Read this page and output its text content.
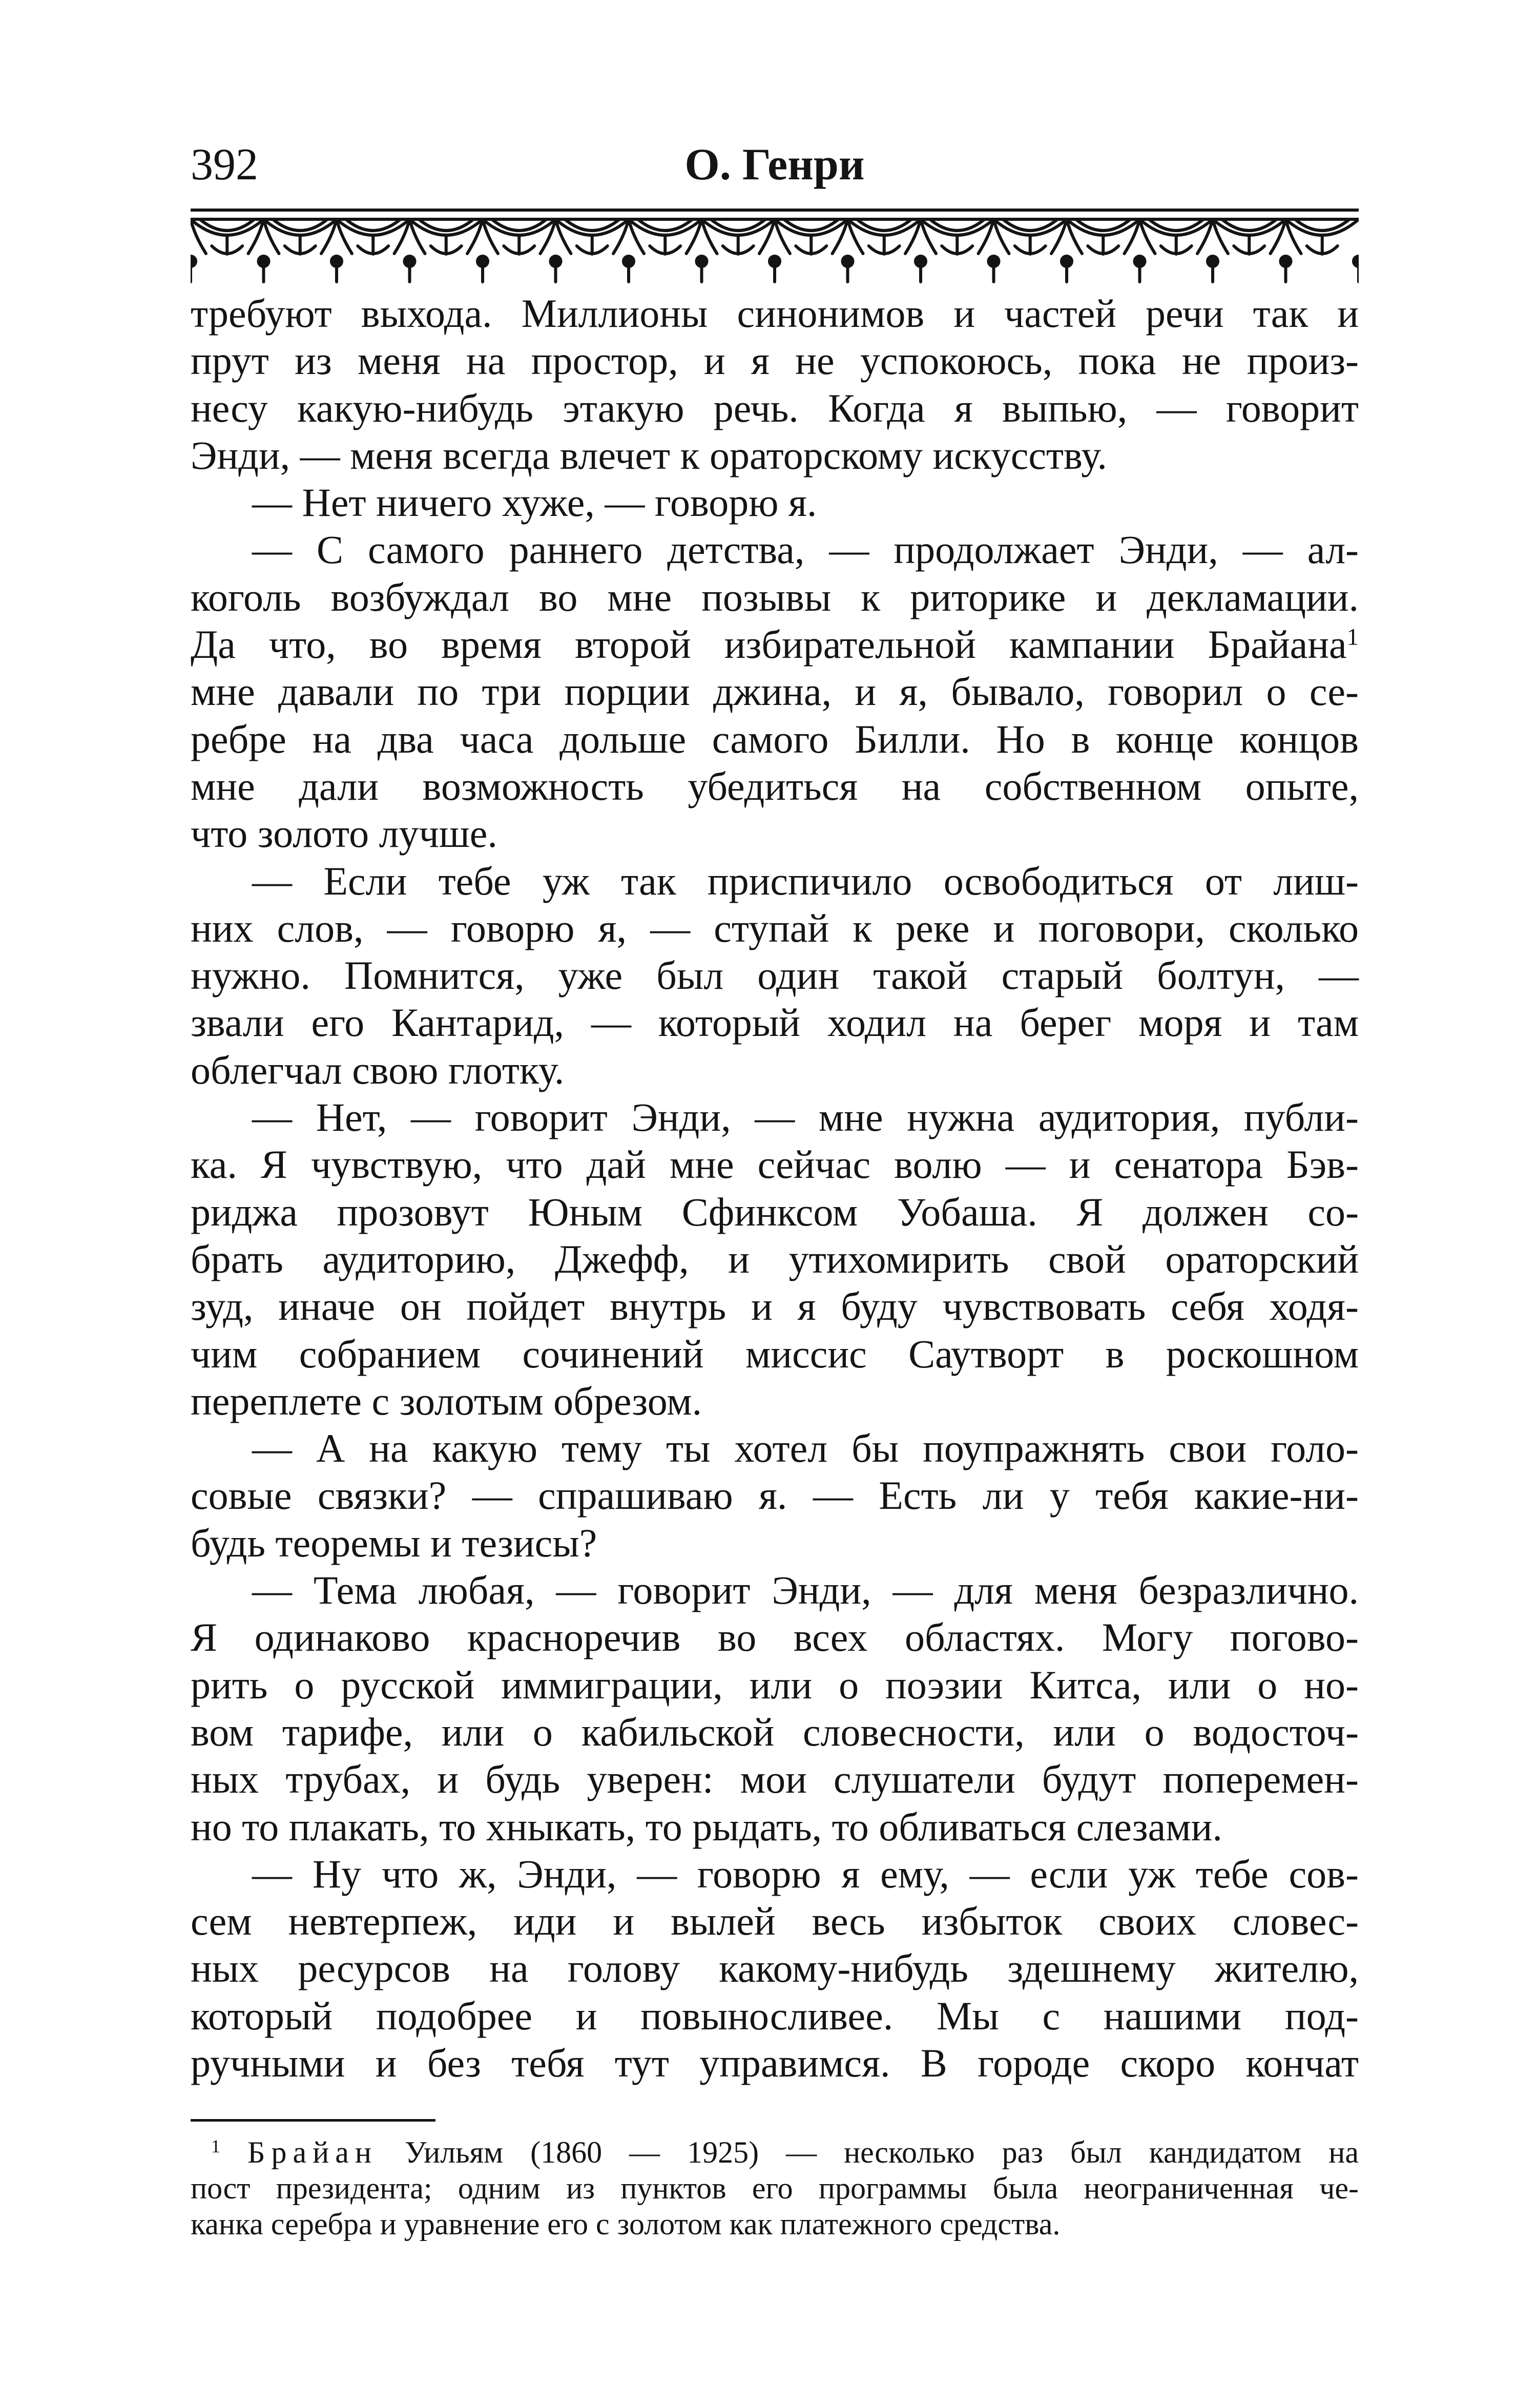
392	О. Генри
требуют выхода. Миллионы синонимов и частей речи так и
прут из меня на простор, и я не успокоюсь, пока не произ-
несу какую-нибудь этакую речь. Когда я выпью, — говорит
Энди, — меня всегда влечет к ораторскому искусству.
— Нет ничего хуже, — говорю я.
— С самого раннего детства, — продолжает Энди, — ал-
коголь возбуждал во мне позывы к риторике и декламации.
Да что, во время второй избирательной кампании Брайана$^1$
мне давали по три порции джина, и я, бывало, говорил о се-
ребре на два часа дольше самого Билли. Но в конце концов
мне дали возможность убедиться на собственном опыте,
что золото лучше.
— Если тебе уж так приспичило освободиться от лиш-
них слов, — говорю я, — ступай к реке и поговори, сколько
нужно. Помнится, уже был один такой старый болтун, —
звали его Кантарид, — который ходил на берег моря и там
облегчал свою глотку.
— Нет, — говорит Энди, — мне нужна аудитория, публи-
ка. Я чувствую, что дай мне сейчас волю — и сенатора Бэв-
риджа прозовут Юным Сфинксом Уобаша. Я должен со-
брать аудиторию, Джефф, и утихомирить свой ораторский
зуд, иначе он пойдет внутрь и я буду чувствовать себя ходя-
чим собранием сочинений миссис Саутворт в роскошном
переплете с золотым обрезом.
— А на какую тему ты хотел бы поупражнять свои голо-
совые связки? — спрашиваю я. — Есть ли у тебя какие-ни-
будь теоремы и тезисы?
— Тема любая, — говорит Энди, — для меня безразлично.
Я одинаково красноречив во всех областях. Могу погово-
рить о русской иммиграции, или о поэзии Китса, или о но-
вом тарифе, или о кабильской словесности, или о водосточ-
ных трубах, и будь уверен: мои слушатели будут поперемен-
но то плакать, то хныкать, то рыдать, то обливаться слезами.
— Ну что ж, Энди, — говорю я ему, — если уж тебе сов-
сем невтерпеж, иди и вылей весь избыток своих словес-
ных ресурсов на голову какому-нибудь здешнему жителю,
который подобрее и повыносливее. Мы с нашими под-
ручными и без тебя тут управимся. В городе скоро кончат
$^1$ Брайан Уильям (1860 — 1925) — несколько раз был кандидатом на
пост президента; одним из пунктов его программы была неограниченная че-
канка серебра и уравнение его с золотом как платежного средства.
